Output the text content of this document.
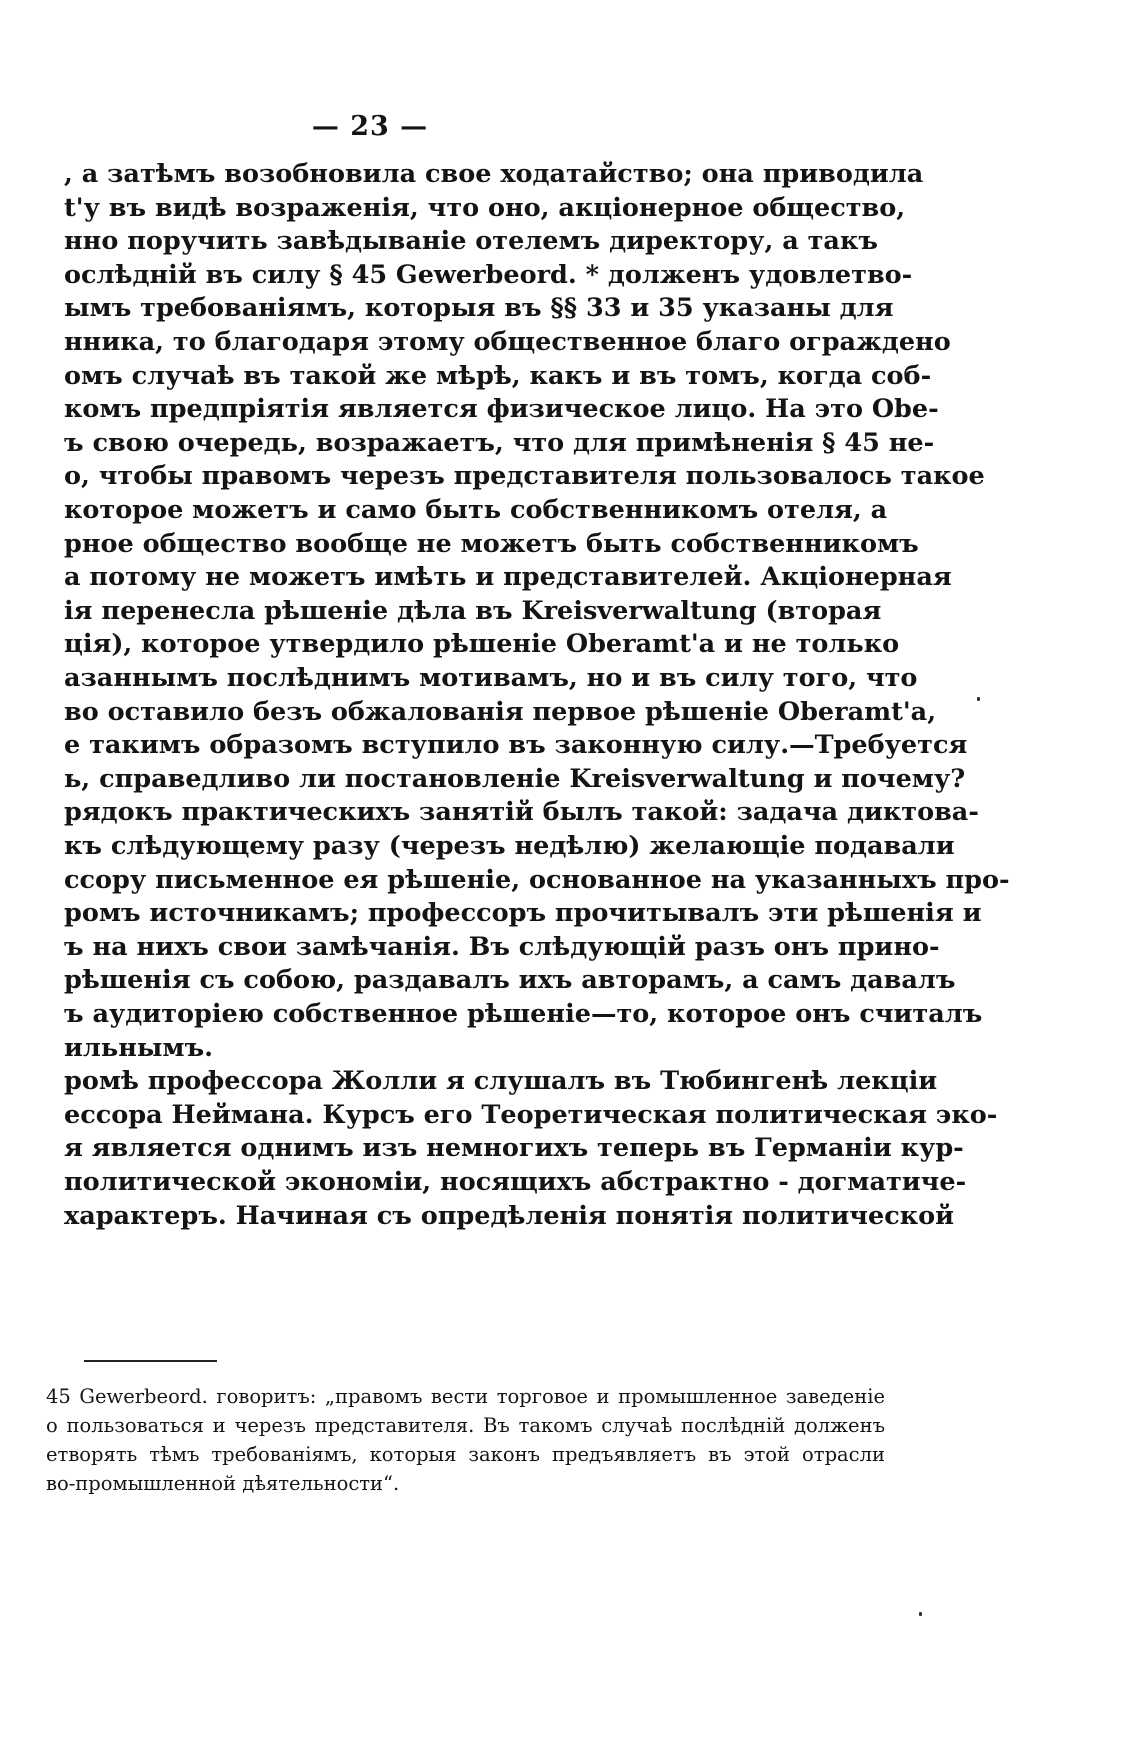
— 23 —
, а затѣмъ возобновила свое ходатайство; она приводила
t'у въ видѣ возраженія, что оно, акціонерное общество,
нно поручить завѣдываніе отелемъ директору, а такъ
ослѣдній въ силу § 45 Gewerbeord. * долженъ удовлетво-
ымъ требованіямъ, которыя въ §§ 33 и 35 указаны для
нника, то благодаря этому общественное благо ограждено
омъ случаѣ въ такой же мѣрѣ, какъ и въ томъ, когда соб-
комъ предпріятія является физическое лицо. На это Obe-
ъ свою очередь, возражаетъ, что для примѣненія § 45 не-
о, чтобы правомъ черезъ представителя пользовалось такое
которое можетъ и само быть собственникомъ отеля, а
рное общество вообще не можетъ быть собственникомъ
а потому не можетъ имѣть и представителей. Акціонерная
ія перенесла рѣшеніе дѣла въ Kreisverwaltung (вторая
ція), которое утвердило рѣшеніе Oberamt'а и не только
азаннымъ послѣднимъ мотивамъ, но и въ силу того, что
во оставило безъ обжалованія первое рѣшеніе Oberamt'а,
е такимъ образомъ вступило въ законную силу.—Требуется
ь, справедливо ли постановленіе Kreisverwaltung и почему?
рядокъ практическихъ занятій былъ такой: задача диктова-
къ слѣдующему разу (черезъ недѣлю) желающіе подавали
ссору письменное ея рѣшеніе, основанное на указанныхъ про-
ромъ источникамъ; профессоръ прочитывалъ эти рѣшенія и
ъ на нихъ свои замѣчанія. Въ слѣдующій разъ онъ прино-
рѣшенія съ собою, раздавалъ ихъ авторамъ, а самъ давалъ
ъ аудиторіею собственное рѣшеніе—то, которое онъ считалъ
ильнымъ.
ромѣ профессора Жолли я слушалъ въ Тюбингенѣ лекціи
ессора Неймана. Курсъ его Теоретическая политическая эко-
я является однимъ изъ немногихъ теперь въ Германіи кур-
политической экономіи, носящихъ абстрактно - догматиче-
характеръ. Начиная съ опредѣленія понятія политической
45 Gewerbeord. говоритъ: „правомъ вести торговое и промышленное заведеніе
о пользоваться и черезъ представителя. Въ такомъ случаѣ послѣдній долженъ
етворять тѣмъ требованіямъ, которыя законъ предъявляетъ въ этой отрасли
во-промышленной дѣятельности“.
